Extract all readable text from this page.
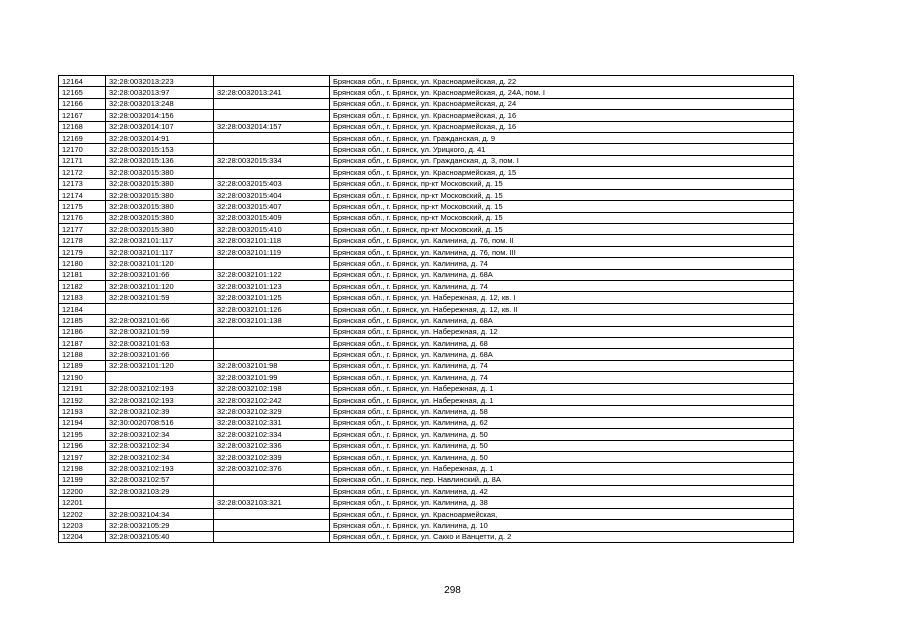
12164	32:28:0032013:223		Брянская обл., г. Брянск, ул. Красноармейская, д. 22
12165	32:28:0032013:97	32:28:0032013:241	Брянская обл., г. Брянск, ул. Красноармейская, д. 24А, пом. I
12166	32:28:0032013:248		Брянская обл., г. Брянск, ул. Красноармейская, д. 24
12167	32:28:0032014:156		Брянская обл., г. Брянск, ул. Красноармейская, д. 16
12168	32:28:0032014:107	32:28:0032014:157	Брянская обл., г. Брянск, ул. Красноармейская, д. 16
12169	32:28:0032014:91		Брянская обл., г. Брянск, ул. Гражданская, д. 9
12170	32:28:0032015:153		Брянская обл., г. Брянск, ул. Урицкого, д. 41
12171	32:28:0032015:136	32:28:0032015:334	Брянская обл., г. Брянск, ул. Гражданская, д. 3, пом. I
12172	32:28:0032015:380		Брянская обл., г. Брянск, ул. Красноармейская, д. 15
12173	32:28:0032015:380	32:28:0032015:403	Брянская обл., г. Брянск, пр-кт Московский, д. 15
12174	32:28:0032015:380	32:28:0032015:404	Брянская обл., г. Брянск, пр-кт Московский, д. 15
12175	32:28:0032015:380	32:28:0032015:407	Брянская обл., г. Брянск, пр-кт Московский, д. 15
12176	32:28:0032015:380	32:28:0032015:409	Брянская обл., г. Брянск, пр-кт Московский, д. 15
12177	32:28:0032015:380	32:28:0032015:410	Брянская обл., г. Брянск, пр-кт Московский, д. 15
12178	32:28:0032101:117	32:28:0032101:118	Брянская обл., г. Брянск, ул. Калинина, д. 76, пом. II
12179	32:28:0032101:117	32:28:0032101:119	Брянская обл., г. Брянск, ул. Калинина, д. 76, пом. III
12180	32:28:0032101:120		Брянская обл., г. Брянск, ул. Калинина, д. 74
12181	32:28:0032101:66	32:28:0032101:122	Брянская обл., г. Брянск, ул. Калинина, д. 68А
12182	32:28:0032101:120	32:28:0032101:123	Брянская обл., г. Брянск, ул. Калинина, д. 74
12183	32:28:0032101:59	32:28:0032101:125	Брянская обл., г. Брянск, ул. Набережная, д. 12, кв. I
12184		32:28:0032101:126	Брянская обл., г. Брянск, ул. Набережная, д. 12, кв. II
12185	32:28:0032101:66	32:28:0032101:138	Брянская обл., г. Брянск, ул. Калинина, д. 68А
12186	32:28:0032101:59		Брянская обл., г. Брянск, ул. Набережная, д. 12
12187	32:28:0032101:63		Брянская обл., г. Брянск, ул. Калинина, д. 68
12188	32:28:0032101:66		Брянская обл., г. Брянск, ул. Калинина, д. 68А
12189	32:28:0032101:120	32:28:0032101:98	Брянская обл., г. Брянск, ул. Калинина, д. 74
12190		32:28:0032101:99	Брянская обл., г. Брянск, ул. Калинина, д. 74
12191	32:28:0032102:193	32:28:0032102:198	Брянская обл., г. Брянск, ул. Набережная, д. 1
12192	32:28:0032102:193	32:28:0032102:242	Брянская обл., г. Брянск, ул. Набережная, д. 1
12193	32:28:0032102:39	32:28:0032102:329	Брянская обл., г. Брянск, ул. Калинина, д. 58
12194	32:30:0020708:516	32:28:0032102:331	Брянская обл., г. Брянск, ул. Калинина, д. 62
12195	32:28:0032102:34	32:28:0032102:334	Брянская обл., г. Брянск, ул. Калинина, д. 50
12196	32:28:0032102:34	32:28:0032102:336	Брянская обл., г. Брянск, ул. Калинина, д. 50
12197	32:28:0032102:34	32:28:0032102:339	Брянская обл., г. Брянск, ул. Калинина, д. 50
12198	32:28:0032102:193	32:28:0032102:376	Брянская обл., г. Брянск, ул. Набережная, д. 1
12199	32:28:0032102:57		Брянская обл., г. Брянск, пер. Навлинский, д. 8А
12200	32:28:0032103:29		Брянская обл., г. Брянск, ул. Калинина, д. 42
12201		32:28:0032103:321	Брянская обл., г. Брянск, ул. Калинина, д. 38
12202	32:28:0032104:34		Брянская обл., г. Брянск, ул. Красноармейская,
12203	32:28:0032105:29		Брянская обл., г. Брянск, ул. Калинина, д. 10
12204	32:28:0032105:40		Брянская обл., г. Брянск, ул. Сакко и Ванцетти, д. 2
298
